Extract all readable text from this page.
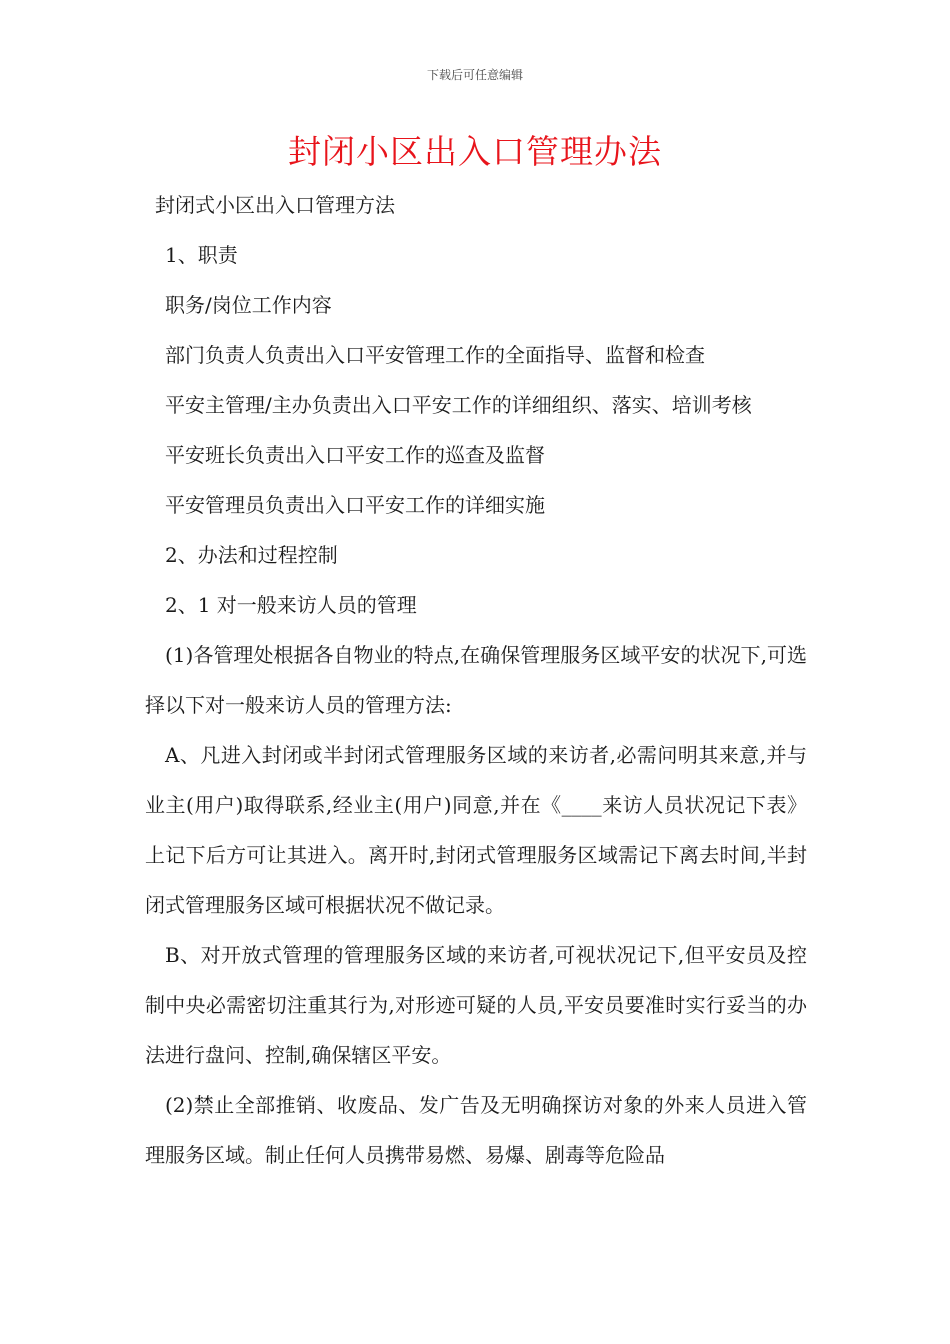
下载后可任意编辑
封闭小区出入口管理办法

封闭式小区出入口管理方法

1、职责

职务/岗位工作内容

部门负责人负责出入口平安管理工作的全面指导、监督和检查

平安主管理/主办负责出入口平安工作的详细组织、落实、培训考核

平安班长负责出入口平安工作的巡查及监督

平安管理员负责出入口平安工作的详细实施

2、办法和过程控制

2、1 对一般来访人员的管理

(1)各管理处根据各自物业的特点,在确保管理服务区域平安的状况下,可选择以下对一般来访人员的管理方法:

A、凡进入封闭或半封闭式管理服务区域的来访者,必需问明其来意,并与业主(用户)取得联系,经业主(用户)同意,并在《____来访人员状况记下表》上记下后方可让其进入。离开时,封闭式管理服务区域需记下离去时间,半封闭式管理服务区域可根据状况不做记录。

B、对开放式管理的管理服务区域的来访者,可视状况记下,但平安员及控制中央必需密切注重其行为,对形迹可疑的人员,平安员要准时实行妥当的办法进行盘问、控制,确保辖区平安。

(2)禁止全部推销、收废品、发广告及无明确探访对象的外来人员进入管理服务区域。制止任何人员携带易燃、易爆、剧毒等危险品
